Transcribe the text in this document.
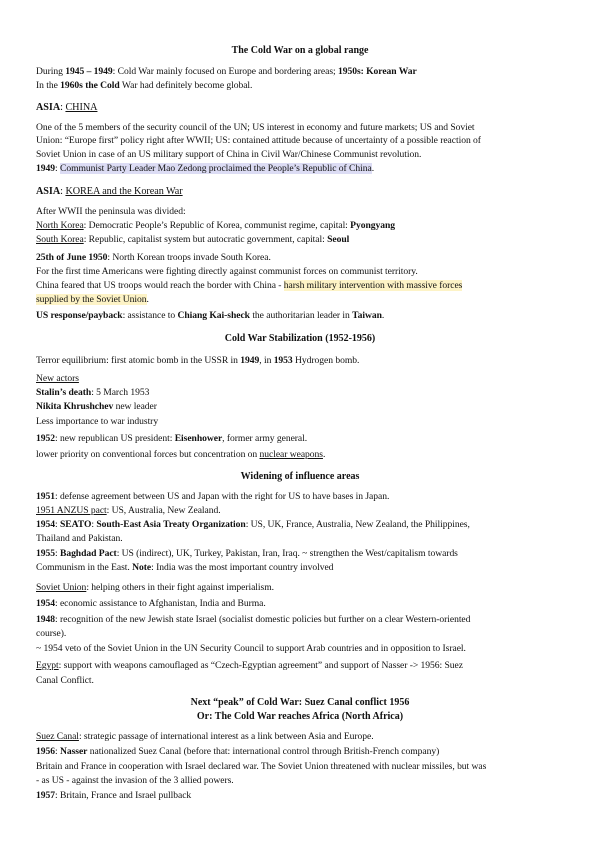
The Cold War on a global range
During 1945 – 1949: Cold War mainly focused on Europe and bordering areas; 1950s: Korean War
In the 1960s the Cold War had definitely become global.
ASIA: CHINA
One of the 5 members of the security council of the UN; US interest in economy and future markets; US and Soviet
Union: “Europe first” policy right after WWII; US: contained attitude because of uncertainty of a possible reaction of
Soviet Union in case of an US military support of China in Civil War/Chinese Communist revolution.
1949: Communist Party Leader Mao Zedong proclaimed the People’s Republic of China.
ASIA: KOREA and the Korean War
After WWII the peninsula was divided:
North Korea: Democratic People’s Republic of Korea, communist regime, capital: Pyongyang
South Korea: Republic, capitalist system but autocratic government, capital: Seoul
25th of June 1950: North Korean troops invade South Korea.
For the first time Americans were fighting directly against communist forces on communist territory.
China feared that US troops would reach the border with China - harsh military intervention with massive forces
supplied by the Soviet Union.
US response/payback: assistance to Chiang Kai-sheck the authoritarian leader in Taiwan.
Cold War Stabilization (1952-1956)
Terror equilibrium: first atomic bomb in the USSR in 1949, in 1953 Hydrogen bomb.
New actors
Stalin’s death: 5 March 1953
Nikita Khrushchev new leader
Less importance to war industry
1952: new republican US president: Eisenhower, former army general.
lower priority on conventional forces but concentration on nuclear weapons.
Widening of influence areas
1951: defense agreement between US and Japan with the right for US to have bases in Japan.
1951 ANZUS pact: US, Australia, New Zealand.
1954: SEATO: South-East Asia Treaty Organization: US, UK, France, Australia, New Zealand, the Philippines,
Thailand and Pakistan.
1955: Baghdad Pact: US (indirect), UK, Turkey, Pakistan, Iran, Iraq. ~ strengthen the West/capitalism towards
Communism in the East. Note: India was the most important country involved
Soviet Union: helping others in their fight against imperialism.
1954: economic assistance to Afghanistan, India and Burma.
1948: recognition of the new Jewish state Israel (socialist domestic policies but further on a clear Western-oriented
course).
~ 1954 veto of the Soviet Union in the UN Security Council to support Arab countries and in opposition to Israel.
Egypt: support with weapons camouflaged as “Czech-Egyptian agreement” and support of Nasser -> 1956: Suez
Canal Conflict.
Next “peak” of Cold War: Suez Canal conflict 1956
Or: The Cold War reaches Africa (North Africa)
Suez Canal: strategic passage of international interest as a link between Asia and Europe.
1956: Nasser nationalized Suez Canal (before that: international control through British-French company)
Britain and France in cooperation with Israel declared war. The Soviet Union threatened with nuclear missiles, but was
- as US - against the invasion of the 3 allied powers.
1957: Britain, France and Israel pullback
